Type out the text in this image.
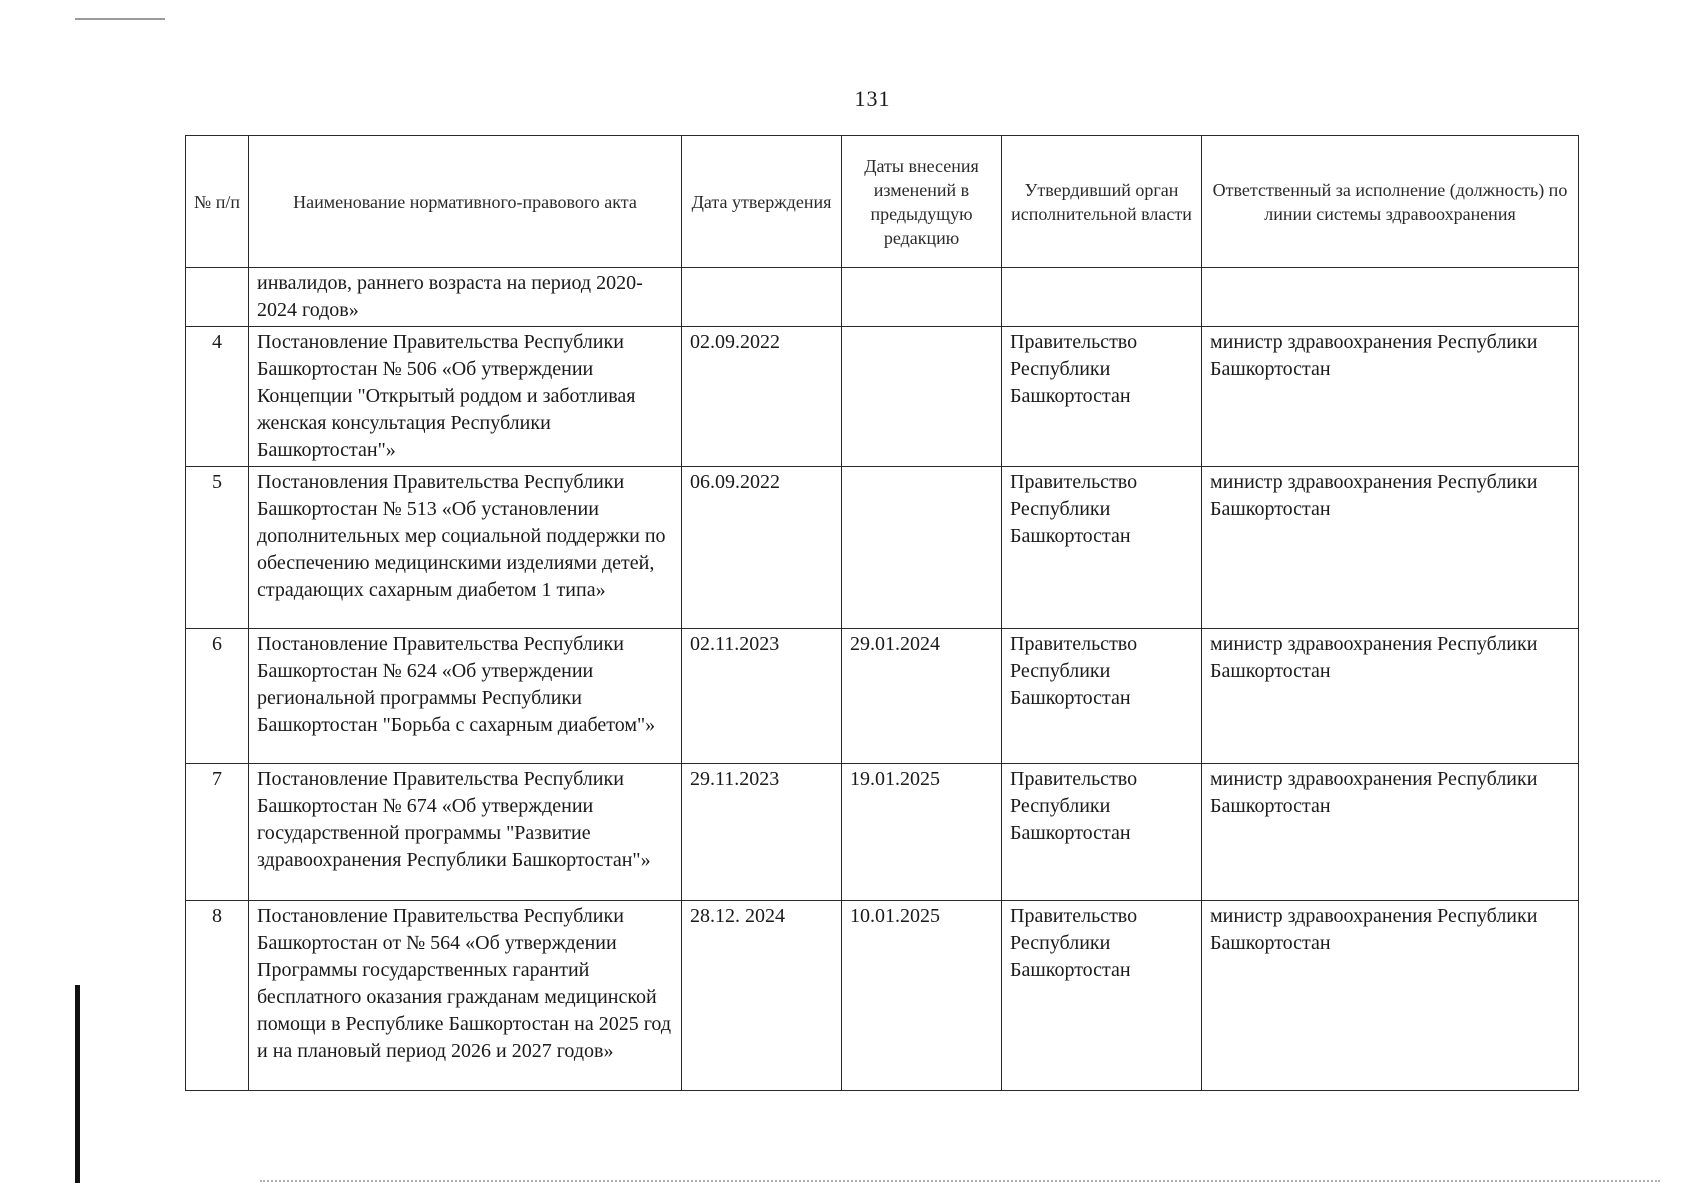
131
№ п/п	Наименование нормативного-правового акта	Дата утверждения	Даты внесения изменений в предыдущую редакцию	Утвердивший орган исполнительной власти	Ответственный за исполнение (должность) по линии системы здравоохранения
	инвалидов, раннего возраста на период 2020-2024 годов»				
4	Постановление Правительства Республики Башкортостан № 506 «Об утверждении Концепции "Открытый роддом и заботливая женская консультация Республики Башкортостан"»	02.09.2022		Правительство Республики Башкортостан	министр здравоохранения Республики Башкортостан
5	Постановления Правительства Республики Башкортостан № 513 «Об установлении дополнительных мер социальной поддержки по обеспечению медицинскими изделиями детей, страдающих сахарным диабетом 1 типа»	06.09.2022		Правительство Республики Башкортостан	министр здравоохранения Республики Башкортостан
6	Постановление Правительства Республики Башкортостан № 624 «Об утверждении региональной программы Республики Башкортостан "Борьба с сахарным диабетом"»	02.11.2023	29.01.2024	Правительство Республики Башкортостан	министр здравоохранения Республики Башкортостан
7	Постановление Правительства Республики Башкортостан № 674 «Об утверждении государственной программы "Развитие здравоохранения Республики Башкортостан"»	29.11.2023	19.01.2025	Правительство Республики Башкортостан	министр здравоохранения Республики Башкортостан
8	Постановление Правительства Республики Башкортостан от № 564 «Об утверждении Программы государственных гарантий бесплатного оказания гражданам медицинской помощи в Республике Башкортостан на 2025 год и на плановый период 2026 и 2027 годов»	28.12. 2024	10.01.2025	Правительство Республики Башкортостан	министр здравоохранения Республики Башкортостан
